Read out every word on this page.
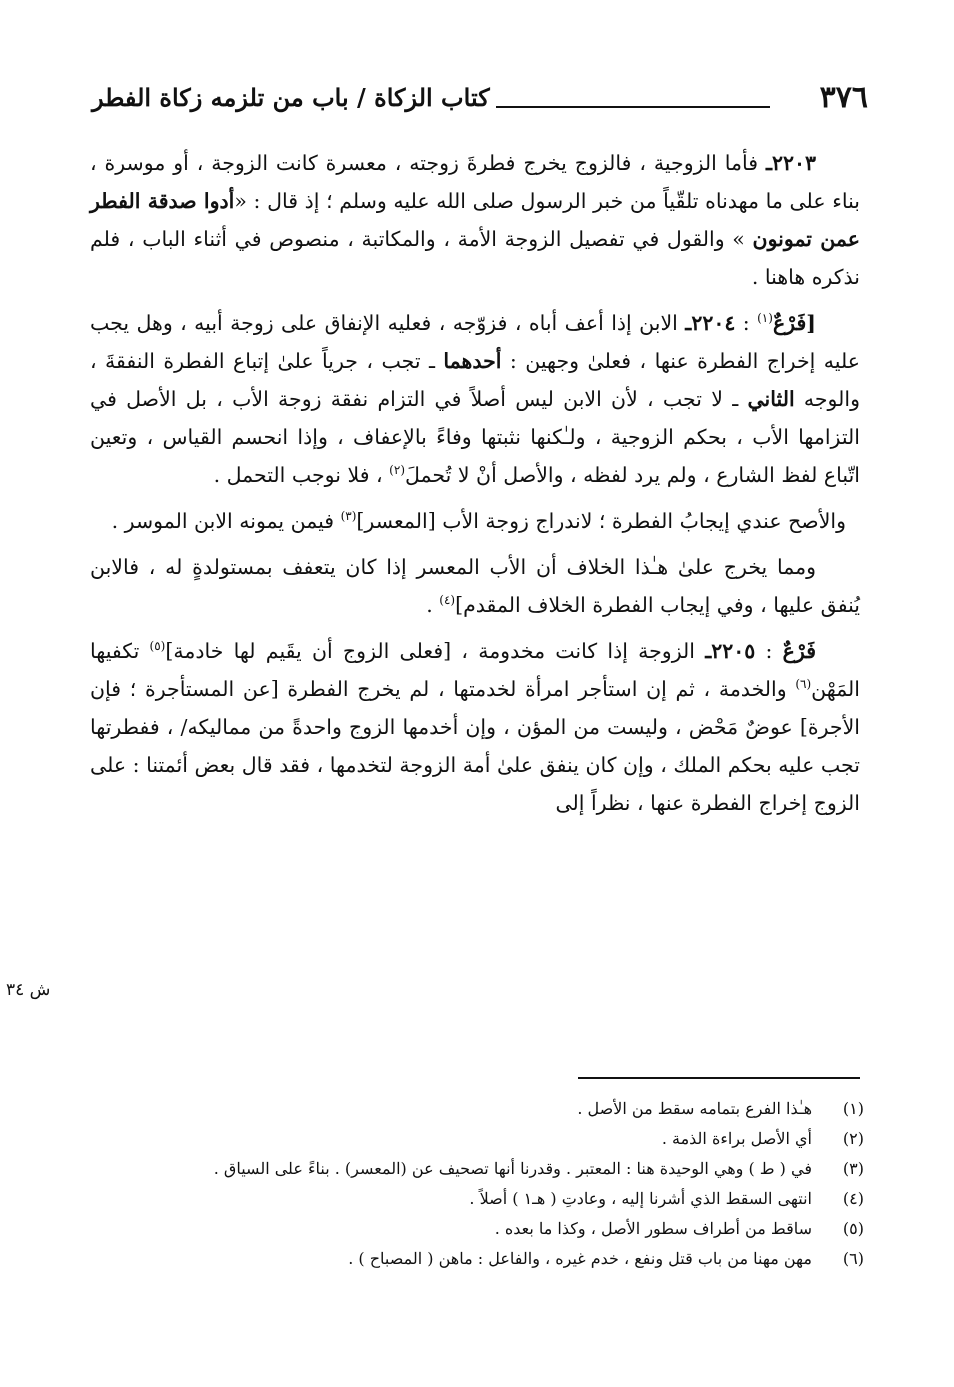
٣٧٦
كتاب الزكاة / باب من تلزمه زكاة الفطر

٢٢٠٣ـ فأما الزوجية ، فالزوج يخرج فطرةَ زوجته ، معسرة كانت الزوجة ، أو موسرة ، بناء على ما مهدناه تلقّياً من خبر الرسول صلى الله عليه وسلم ؛ إذ قال : «أدوا صدقة الفطر عمن تمونون » والقول في تفصيل الزوجة الأمة ، والمكاتبة ، منصوص في أثناء الباب ، فلم نذكره هاهنا .

[فَرْعٌ$^{(١)}$ : ٢٢٠٤ـ الابن إذا أعف أباه ، فزوّجه ، فعليه الإنفاق على زوجة أبيه ، وهل يجب عليه إخراج الفطرة عنها ، فعلىٰ وجهين : أحدهما ـ تجب ، جرياً علىٰ إتباع الفطرة النفقةَ ، والوجه الثاني ـ لا تجب ، لأن الابن ليس أصلاً في التزام نفقة زوجة الأب ، بل الأصل في التزامها الأب ، بحكم الزوجية ، ولـٰكنها نثبتها وفاءً بالإعفاف ، وإذا انحسم القياس ، وتعين اتّباع لفظ الشارع ، ولم يرد لفظه ، والأصل أنْ لا تُحملَ$^{(٢)}$ ، فلا نوجب التحمل .

والأصح عندي إيجابُ الفطرة ؛ لاندراج زوجة الأب [المعسر]$^{(٣)}$ فيمن يمونه الابن الموسر .

ومما يخرج علىٰ هـٰذا الخلاف أن الأب المعسر إذا كان يتعفف بمستولدةٍ له ، فالابن يُنفق عليها ، وفي إيجاب الفطرة الخلاف المقدم]$^{(٤)}$ .

فَرْعٌ : ٢٢٠٥ـ الزوجة إذا كانت مخدومة ، [فعلى الزوج أن يقَيم لها خادمة]$^{(٥)}$ تكفيها المَهْن$^{(٦)}$ والخدمة ، ثم إن استأجر امرأة لخدمتها ، لم يخرج الفطرة [عن المستأجرة ؛ فإن الأجرة] عوضٌ مَحْض ، وليست من المؤن ، وإن أخدمها الزوج واحدةً من مماليكه/ ، ففطرتها تجب عليه بحكم الملك ، وإن كان ينفق علىٰ أمة الزوجة لتخدمها ، فقد قال بعض أئمتنا : على الزوج إخراج الفطرة عنها ، نظراً إلى

ش ٣٤
(١)
هـٰذا الفرع بتمامه سقط من الأصل .
(٢)
أي الأصل براءة الذمة .
(٣)
في ( ط ) وهي الوحيدة هنا : المعتبر . وقدرنا أنها تصحيف عن (المعسر) . بناءً على السياق .
(٤)
انتهى السقط الذي أشرنا إليه ، وعادتِ ( هـ١ ) أصلاً .
(٥)
ساقط من أطراف سطور الأصل ، وكذا ما بعده .
(٦)
مهن مهنا من باب قتل ونفع ، خدم غيره ، والفاعل : ماهن ( المصباح ) .
